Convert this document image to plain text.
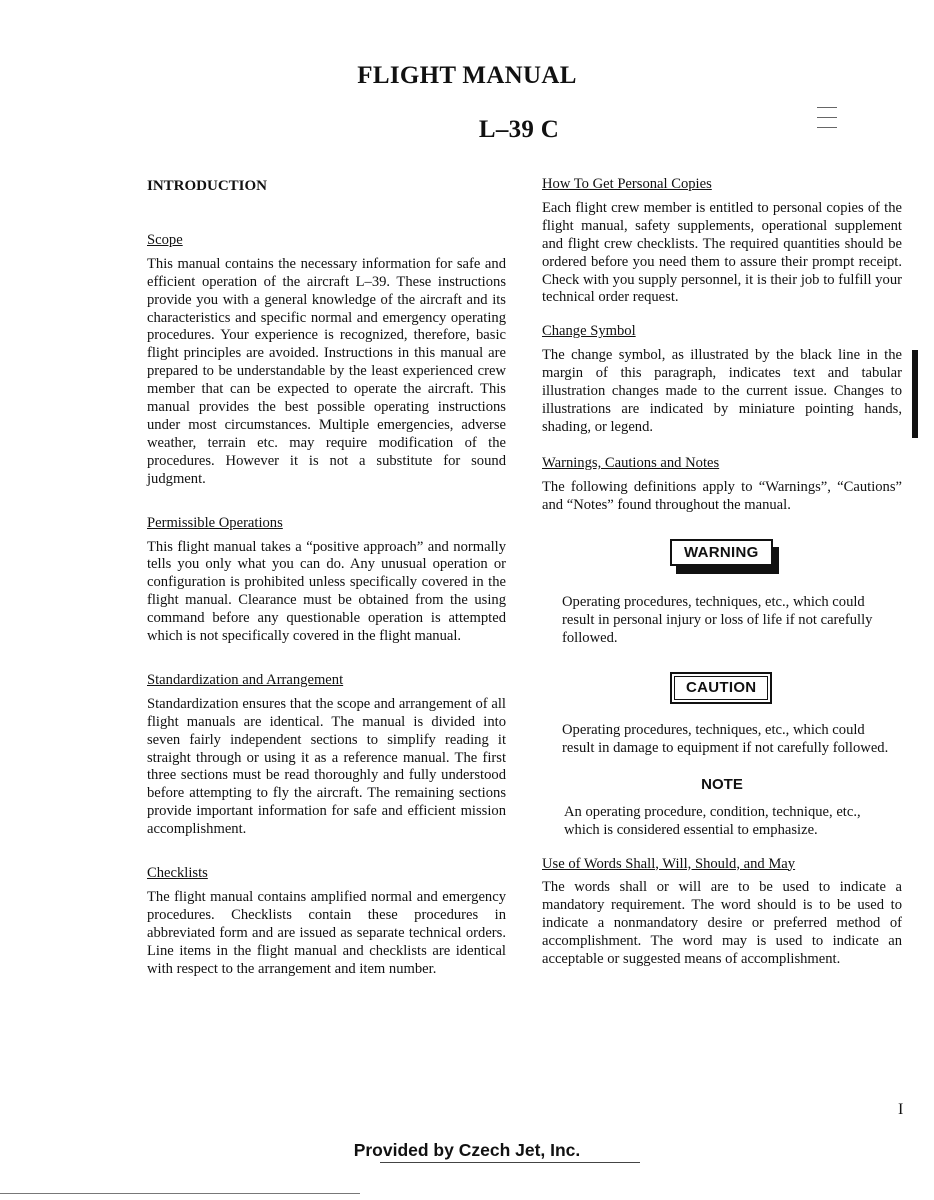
FLIGHT MANUAL
L–39 C
INTRODUCTION
Scope

This manual contains the necessary information for safe and efficient operation of the aircraft L–39. These instructions provide you with a general knowledge of the aircraft and its characteristics and specific normal and emergency operating procedures. Your experience is recognized, therefore, basic flight principles are avoided. Instructions in this manual are prepared to be understandable by the least experienced crew member that can be expected to operate the aircraft. This manual provides the best possible operating instructions under most circumstances. Multiple emergencies, adverse weather, terrain etc. may require modification of the procedures. However it is not a substitute for sound judgment.

Permissible Operations

This flight manual takes a “positive approach” and normally tells you only what you can do. Any unusual operation or configuration is prohibited unless specifically covered in the flight manual. Clearance must be obtained from the using command before any questionable operation is attempted which is not specifically covered in the flight manual.

Standardization and Arrangement

Standardization ensures that the scope and arrangement of all flight manuals are identical. The manual is divided into seven fairly independent sections to simplify reading it straight through or using it as a reference manual. The first three sections must be read thoroughly and fully understood before attempting to fly the aircraft. The remaining sections provide important information for safe and efficient mission accomplishment.

Checklists

The flight manual contains amplified normal and emergency procedures. Checklists contain these procedures in abbreviated form and are issued as separate technical orders. Line items in the flight manual and checklists are identical with respect to the arrangement and item number.

How To Get Personal Copies

Each flight crew member is entitled to personal copies of the flight manual, safety supplements, operational supplement and flight crew checklists. The required quantities should be ordered before you need them to assure their prompt receipt. Check with you supply personnel, it is their job to fulfill your technical order request.

Change Symbol

The change symbol, as illustrated by the black line in the margin of this paragraph, indicates text and tabular illustration changes made to the current issue. Changes to illustrations are indicated by miniature pointing hands, shading, or legend.

Warnings, Cautions and Notes

The following definitions apply to “Warnings”, “Cautions” and “Notes” found throughout the manual.

WARNING

Operating procedures, techniques, etc., which could result in personal injury or loss of life if not carefully followed.

CAUTION

Operating procedures, techniques, etc., which could result in damage to equipment if not carefully followed.

NOTE

An operating procedure, condition, technique, etc., which is considered essential to emphasize.

Use of Words Shall, Will, Should, and May

The words shall or will are to be used to indicate a mandatory requirement. The word should is to be used to indicate a nonmandatory desire or preferred method of accomplishment. The word may is used to indicate an acceptable or suggested means of accomplishment.

I
Provided by Czech Jet, Inc.
